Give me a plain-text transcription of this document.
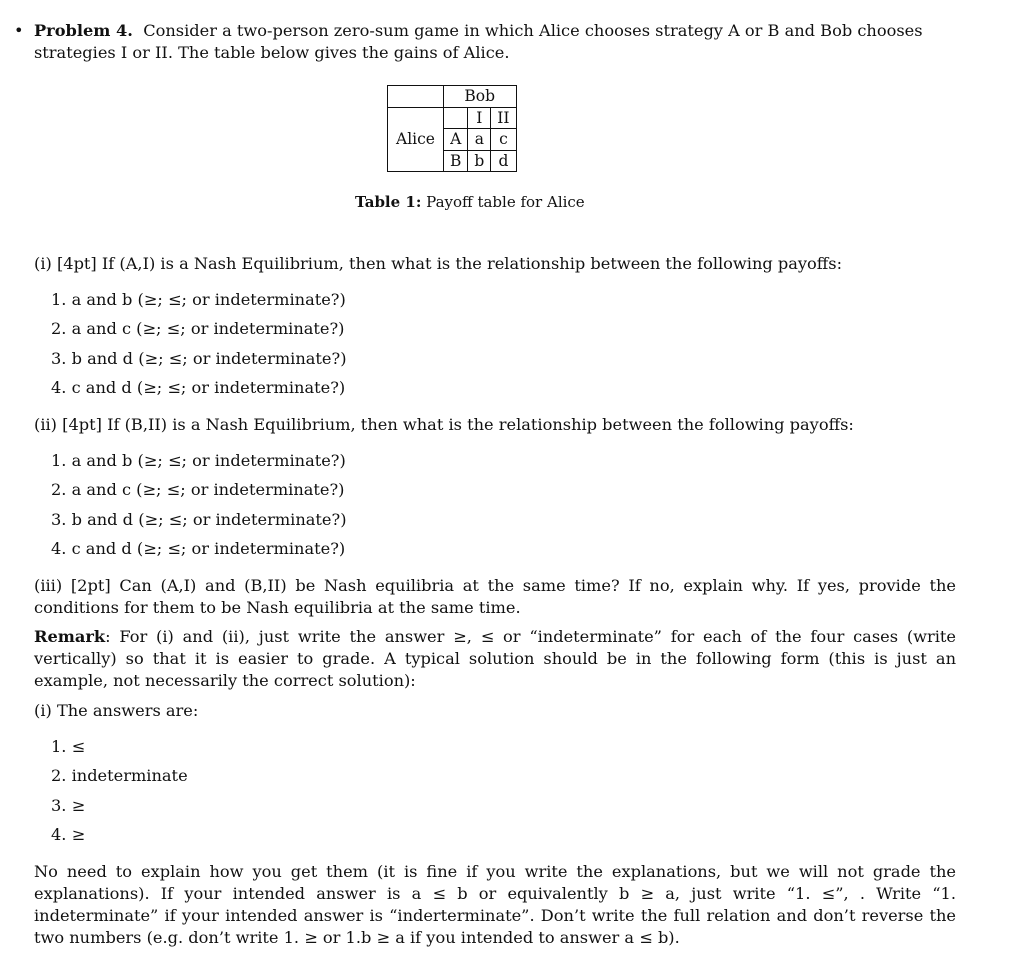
• Problem 4. Consider a two-person zero-sum game in which Alice chooses strategy A or B and Bob chooses
strategies I or II. The table below gives the gains of Alice.
	Bob		
Alice		I	II
	A	a	c
	B	b	d
Table 1: Payoff table for Alice
(i) [4pt] If (A,I) is a Nash Equilibrium, then what is the relationship between the following payoffs:
1. a and b (≥; ≤; or indeterminate?)
2. a and c (≥; ≤; or indeterminate?)
3. b and d (≥; ≤; or indeterminate?)
4. c and d (≥; ≤; or indeterminate?)
(ii) [4pt] If (B,II) is a Nash Equilibrium, then what is the relationship between the following payoffs:
1. a and b (≥; ≤; or indeterminate?)
2. a and c (≥; ≤; or indeterminate?)
3. b and d (≥; ≤; or indeterminate?)
4. c and d (≥; ≤; or indeterminate?)
(iii) [2pt] Can (A,I) and (B,II) be Nash equilibria at the same time? If no, explain why. If yes, provide the conditions for them to be Nash equilibria at the same time.
Remark: For (i) and (ii), just write the answer ≥, ≤ or “indeterminate” for each of the four cases (write vertically) so that it is easier to grade. A typical solution should be in the following form (this is just an example, not necessarily the correct solution):
(i) The answers are:
1. ≤
2. indeterminate
3. ≥
4. ≥
No need to explain how you get them (it is fine if you write the explanations, but we will not grade the explanations). If your intended answer is a ≤ b or equivalently b ≥ a, just write “1. ≤”, . Write “1. indeterminate” if your intended answer is “inderterminate”. Don’t write the full relation and don’t reverse the two numbers (e.g. don’t write 1. ≥ or 1.b ≥ a if you intended to answer a ≤ b).
